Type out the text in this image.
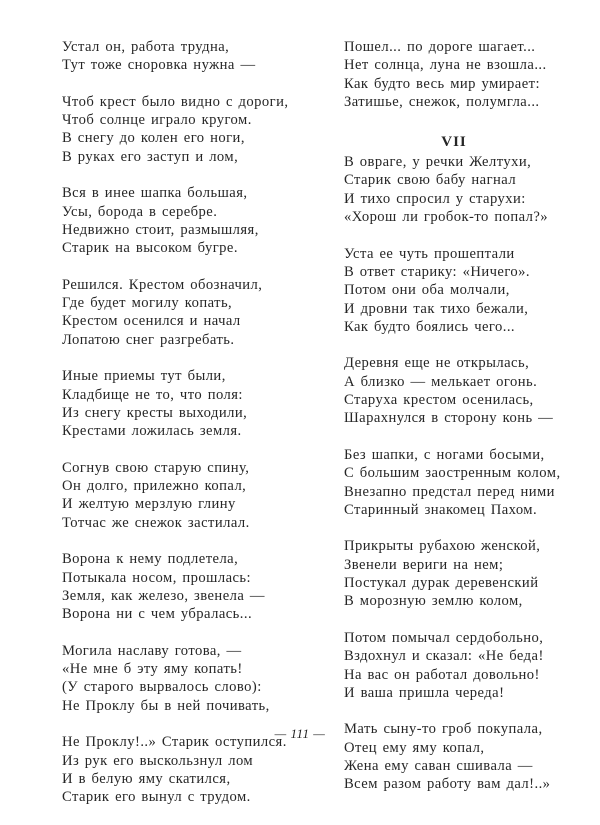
Устал он, работа трудна,
Тут тоже сноровка нужна —
Чтоб крест было видно с дороги,
Чтоб солнце играло кругом.
В снегу до колен его ноги,
В руках его заступ и лом,
Вся в инее шапка большая,
Усы, борода в серебре.
Недвижно стоит, размышляя,
Старик на высоком бугре.
Решился. Крестом обозначил,
Где будет могилу копать,
Крестом осенился и начал
Лопатою снег разгребать.
Иные приемы тут были,
Кладбище не то, что поля:
Из снегу кресты выходили,
Крестами ложилась земля.
Согнув свою старую спину,
Он долго, прилежно копал,
И желтую мерзлую глину
Тотчас же снежок застилал.
Ворона к нему подлетела,
Потыкала носом, прошлась:
Земля, как железо, звенела —
Ворона ни с чем убралась...
Могила наславу готова, —
«Не мне б эту яму копать!
(У старого вырвалось слово):
Не Проклу бы в ней почивать,
Не Проклу!..» Старик оступился.
Из рук его выскользнул лом
И в белую яму скатился,
Старик его вынул с трудом.
Пошел... по дороге шагает...
Нет солнца, луна не взошла...
Как будто весь мир умирает:
Затишье, снежок, полумгла...
VII
В овраге, у речки Желтухи,
Старик свою бабу нагнал
И тихо спросил у старухи:
«Хорош ли гробок-то попал?»
Уста ее чуть прошептали
В ответ старику: «Ничего».
Потом они оба молчали,
И дровни так тихо бежали,
Как будто боялись чего...
Деревня еще не открылась,
А близко — мелькает огонь.
Старуха крестом осенилась,
Шарахнулся в сторону конь —
Без шапки, с ногами босыми,
С большим заостренным колом,
Внезапно предстал перед ними
Старинный знакомец Пахом.
Прикрыты рубахою женской,
Звенели вериги на нем;
Постукал дурак деревенский
В морозную землю колом,
Потом помычал сердобольно,
Вздохнул и сказал: «Не беда!
На вас он работал довольно!
И ваша пришла череда!
Мать сыну-то гроб покупала,
Отец ему яму копал,
Жена ему саван сшивала —
Всем разом работу вам дал!..»
— 111 —
